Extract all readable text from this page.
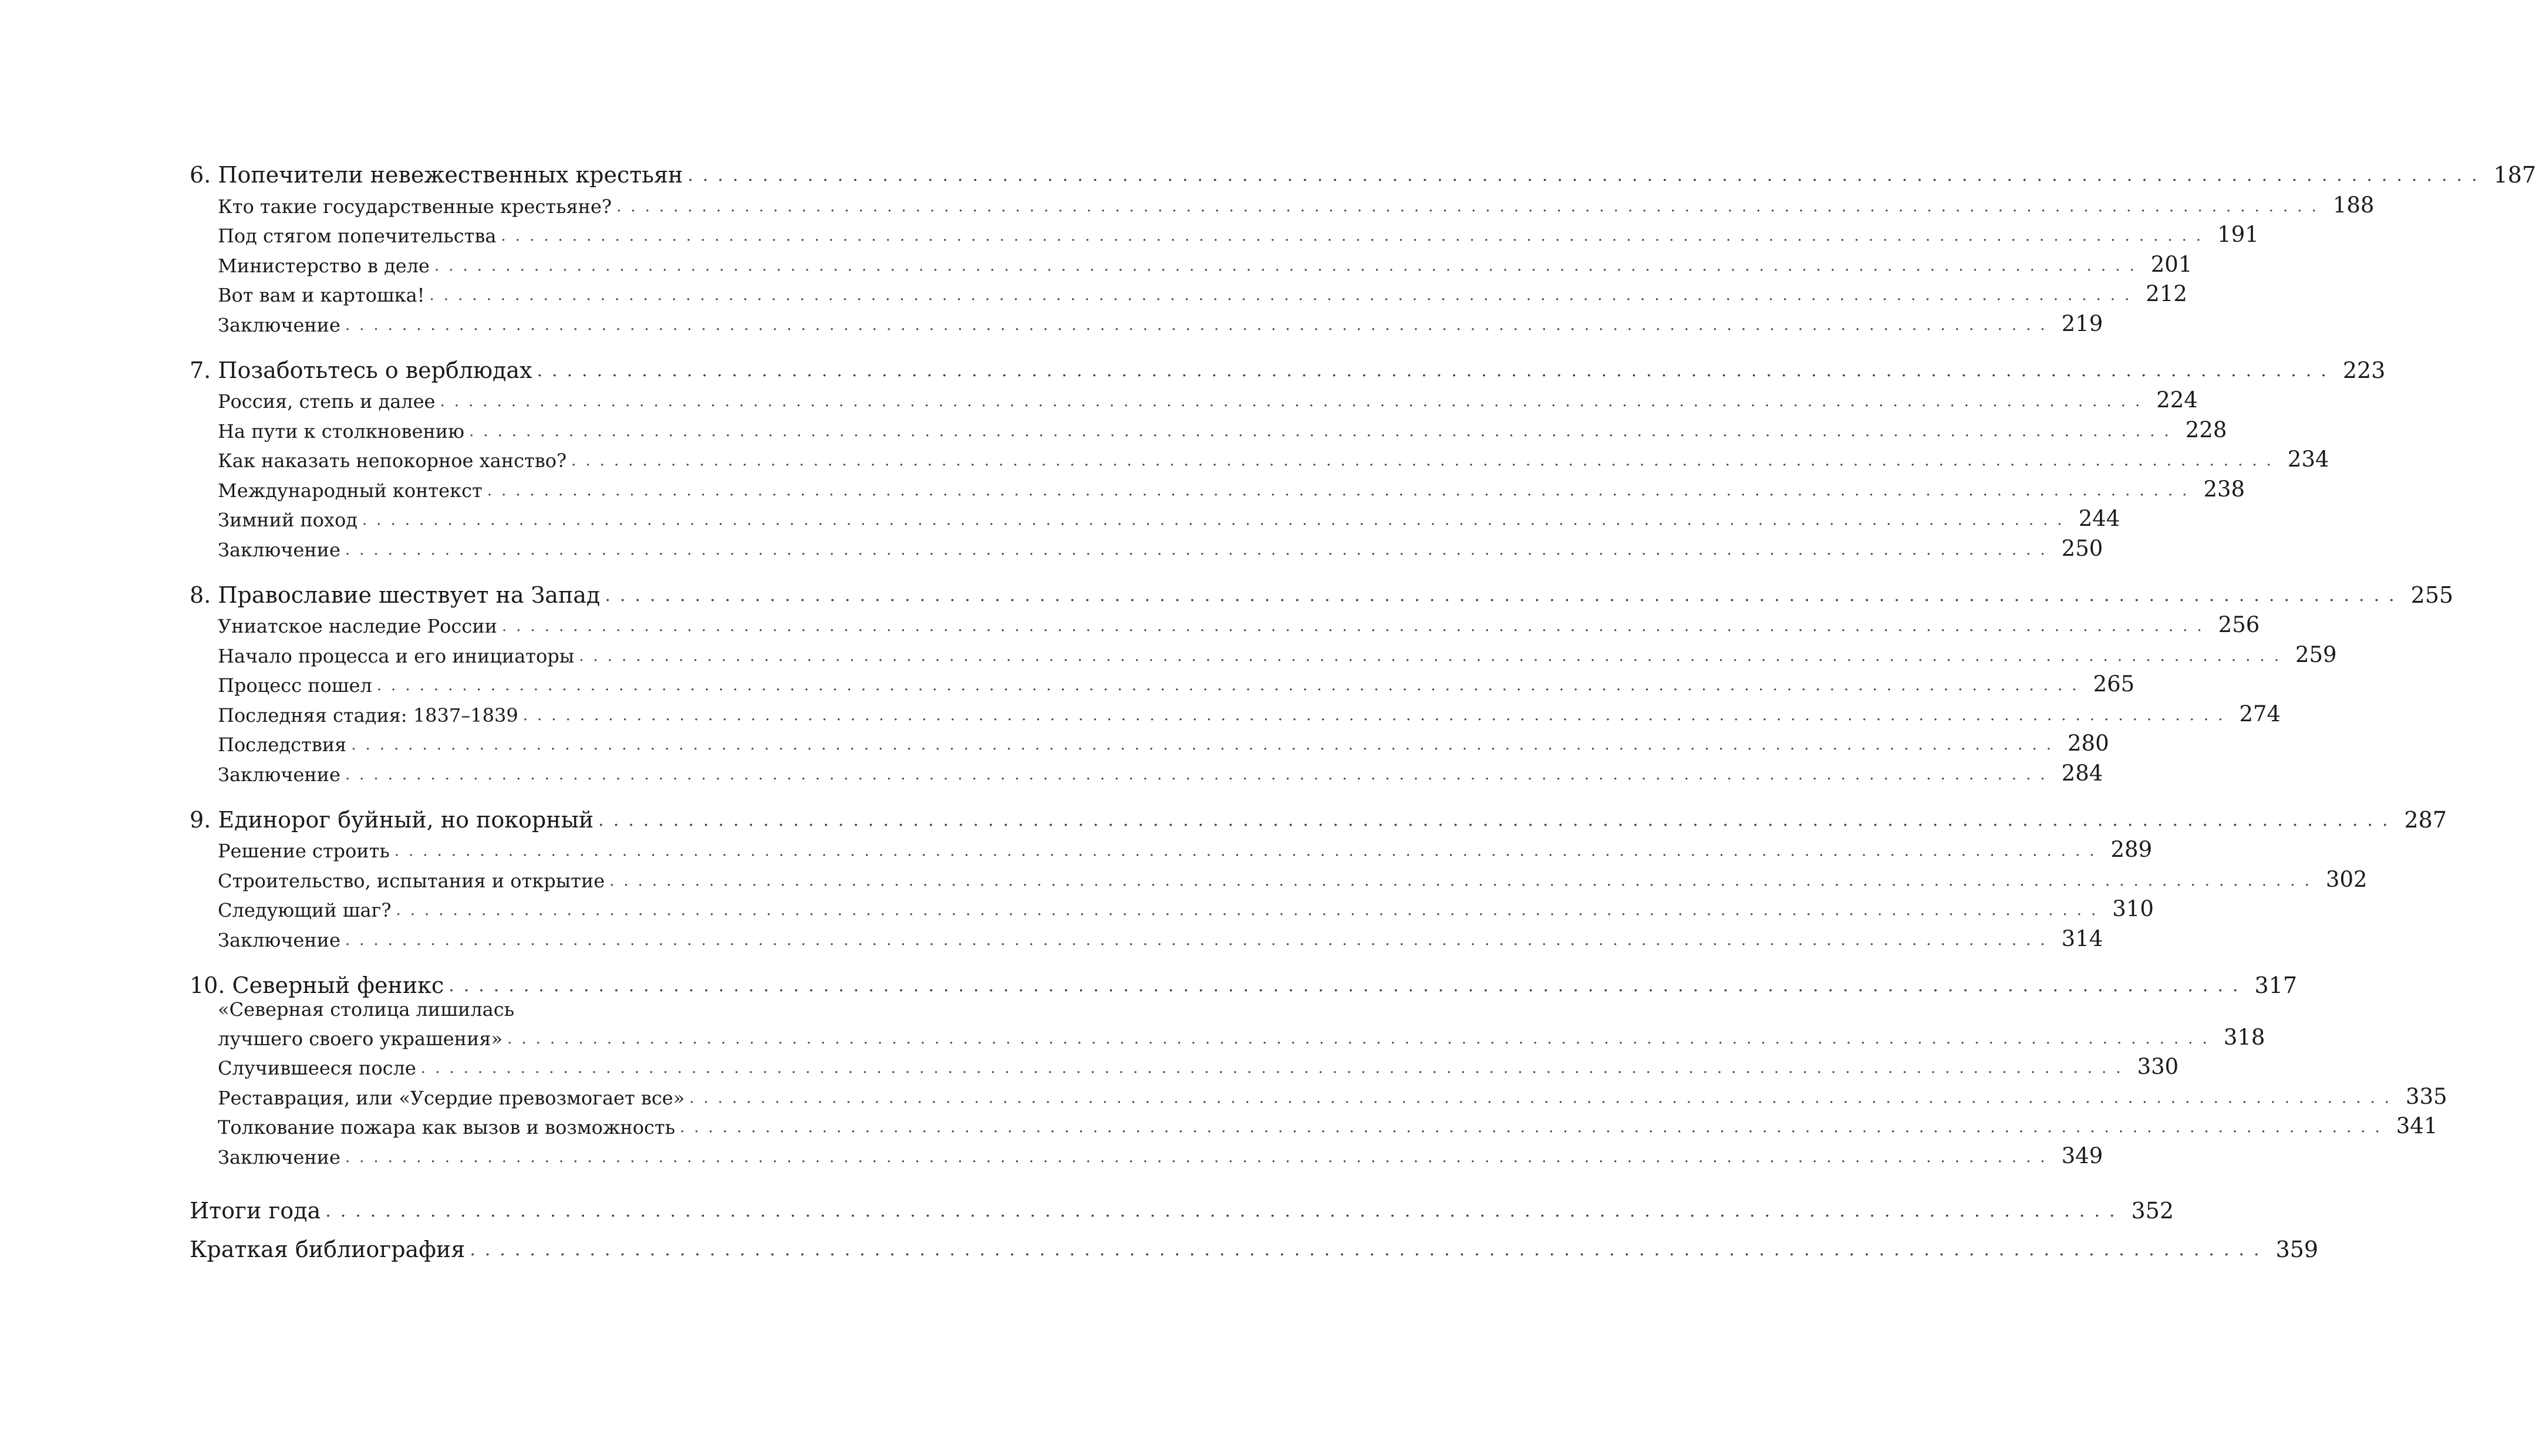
6. Попечители невежественных крестьян ........................................................................................................................ 187
Кто такие государственные крестьяне? ........................................................................................................................ 188
Под стягом попечительства ........................................................................................................................ 191
Министерство в деле ........................................................................................................................ 201
Вот вам и картошка! ........................................................................................................................ 212
Заключение ........................................................................................................................ 219
7. Позаботьтесь о верблюдах ........................................................................................................................ 223
Россия, степь и далее ........................................................................................................................ 224
На пути к столкновению ........................................................................................................................ 228
Как наказать непокорное ханство? ........................................................................................................................ 234
Международный контекст ........................................................................................................................ 238
Зимний поход ........................................................................................................................ 244
Заключение ........................................................................................................................ 250
8. Православие шествует на Запад ........................................................................................................................ 255
Униатское наследие России ........................................................................................................................ 256
Начало процесса и его инициаторы ........................................................................................................................ 259
Процесс пошел ........................................................................................................................ 265
Последняя стадия: 1837–1839 ........................................................................................................................ 274
Последствия ........................................................................................................................ 280
Заключение ........................................................................................................................ 284
9. Единорог буйный, но покорный ........................................................................................................................ 287
Решение строить ........................................................................................................................ 289
Строительство, испытания и открытие ........................................................................................................................ 302
Следующий шаг? ........................................................................................................................ 310
Заключение ........................................................................................................................ 314
10. Северный феникс ........................................................................................................................ 317
«Северная столица лишилась
лучшего своего украшения» ........................................................................................................................ 318
Случившееся после ........................................................................................................................ 330
Реставрация, или «Усердие превозмогает все» ........................................................................................................................ 335
Толкование пожара как вызов и возможность ........................................................................................................................ 341
Заключение ........................................................................................................................ 349
Итоги года ........................................................................................................................ 352
Краткая библиография ........................................................................................................................ 359
